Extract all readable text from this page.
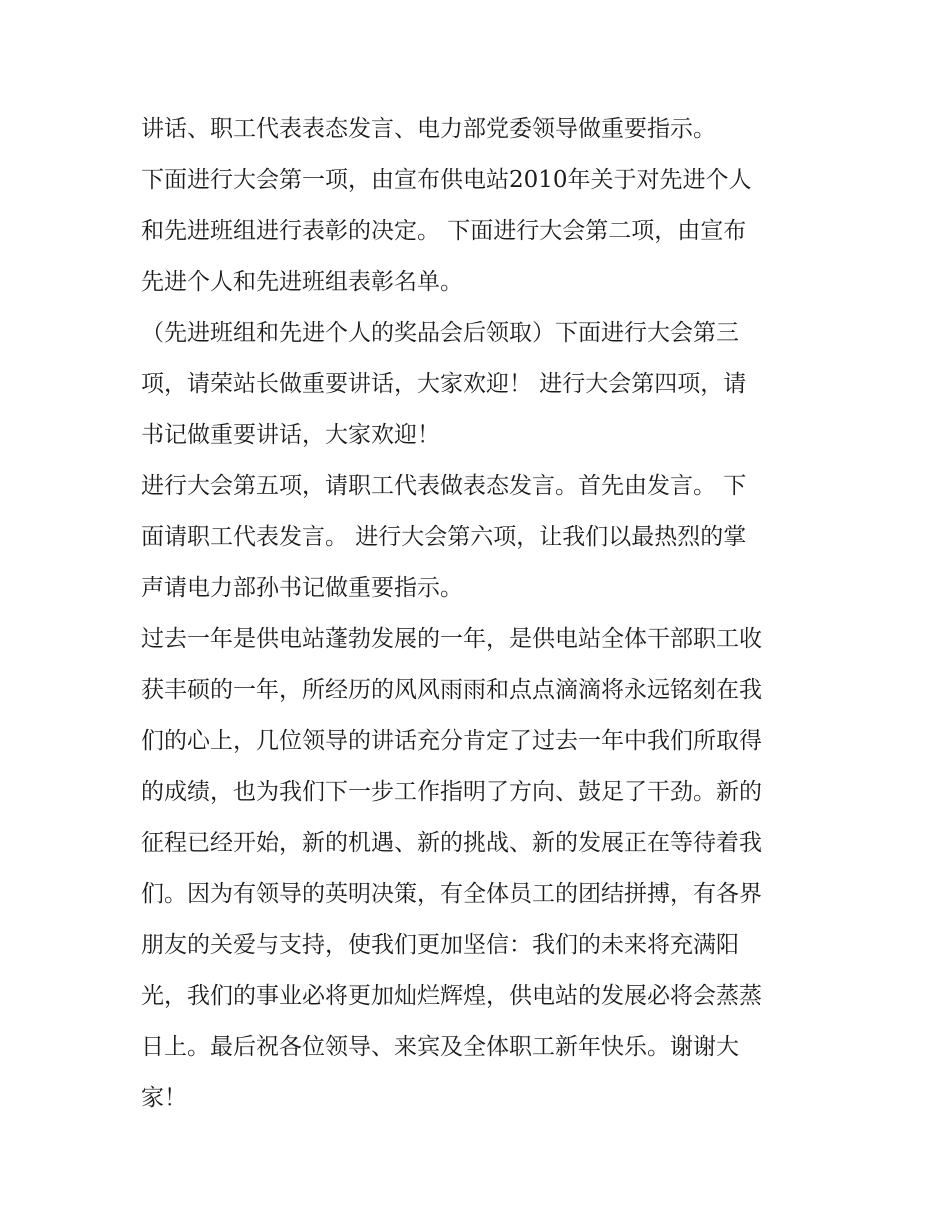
讲话、职工代表表态发言、电力部党委领导做重要指示。
下面进行大会第一项，由宣布供电站2010年关于对先进个人
和先进班组进行表彰的决定。 下面进行大会第二项，由宣布
先进个人和先进班组表彰名单。
（先进班组和先进个人的奖品会后领取）下面进行大会第三
项，请荣站长做重要讲话，大家欢迎！ 进行大会第四项，请
书记做重要讲话，大家欢迎！
进行大会第五项，请职工代表做表态发言。首先由发言。 下
面请职工代表发言。 进行大会第六项，让我们以最热烈的掌
声请电力部孙书记做重要指示。
过去一年是供电站蓬勃发展的一年，是供电站全体干部职工收
获丰硕的一年，所经历的风风雨雨和点点滴滴将永远铭刻在我
们的心上，几位领导的讲话充分肯定了过去一年中我们所取得
的成绩，也为我们下一步工作指明了方向、鼓足了干劲。新的
征程已经开始，新的机遇、新的挑战、新的发展正在等待着我
们。因为有领导的英明决策，有全体员工的团结拼搏，有各界
朋友的关爱与支持，使我们更加坚信：我们的未来将充满阳
光，我们的事业必将更加灿烂辉煌，供电站的发展必将会蒸蒸
日上。最后祝各位领导、来宾及全体职工新年快乐。谢谢大
家！
